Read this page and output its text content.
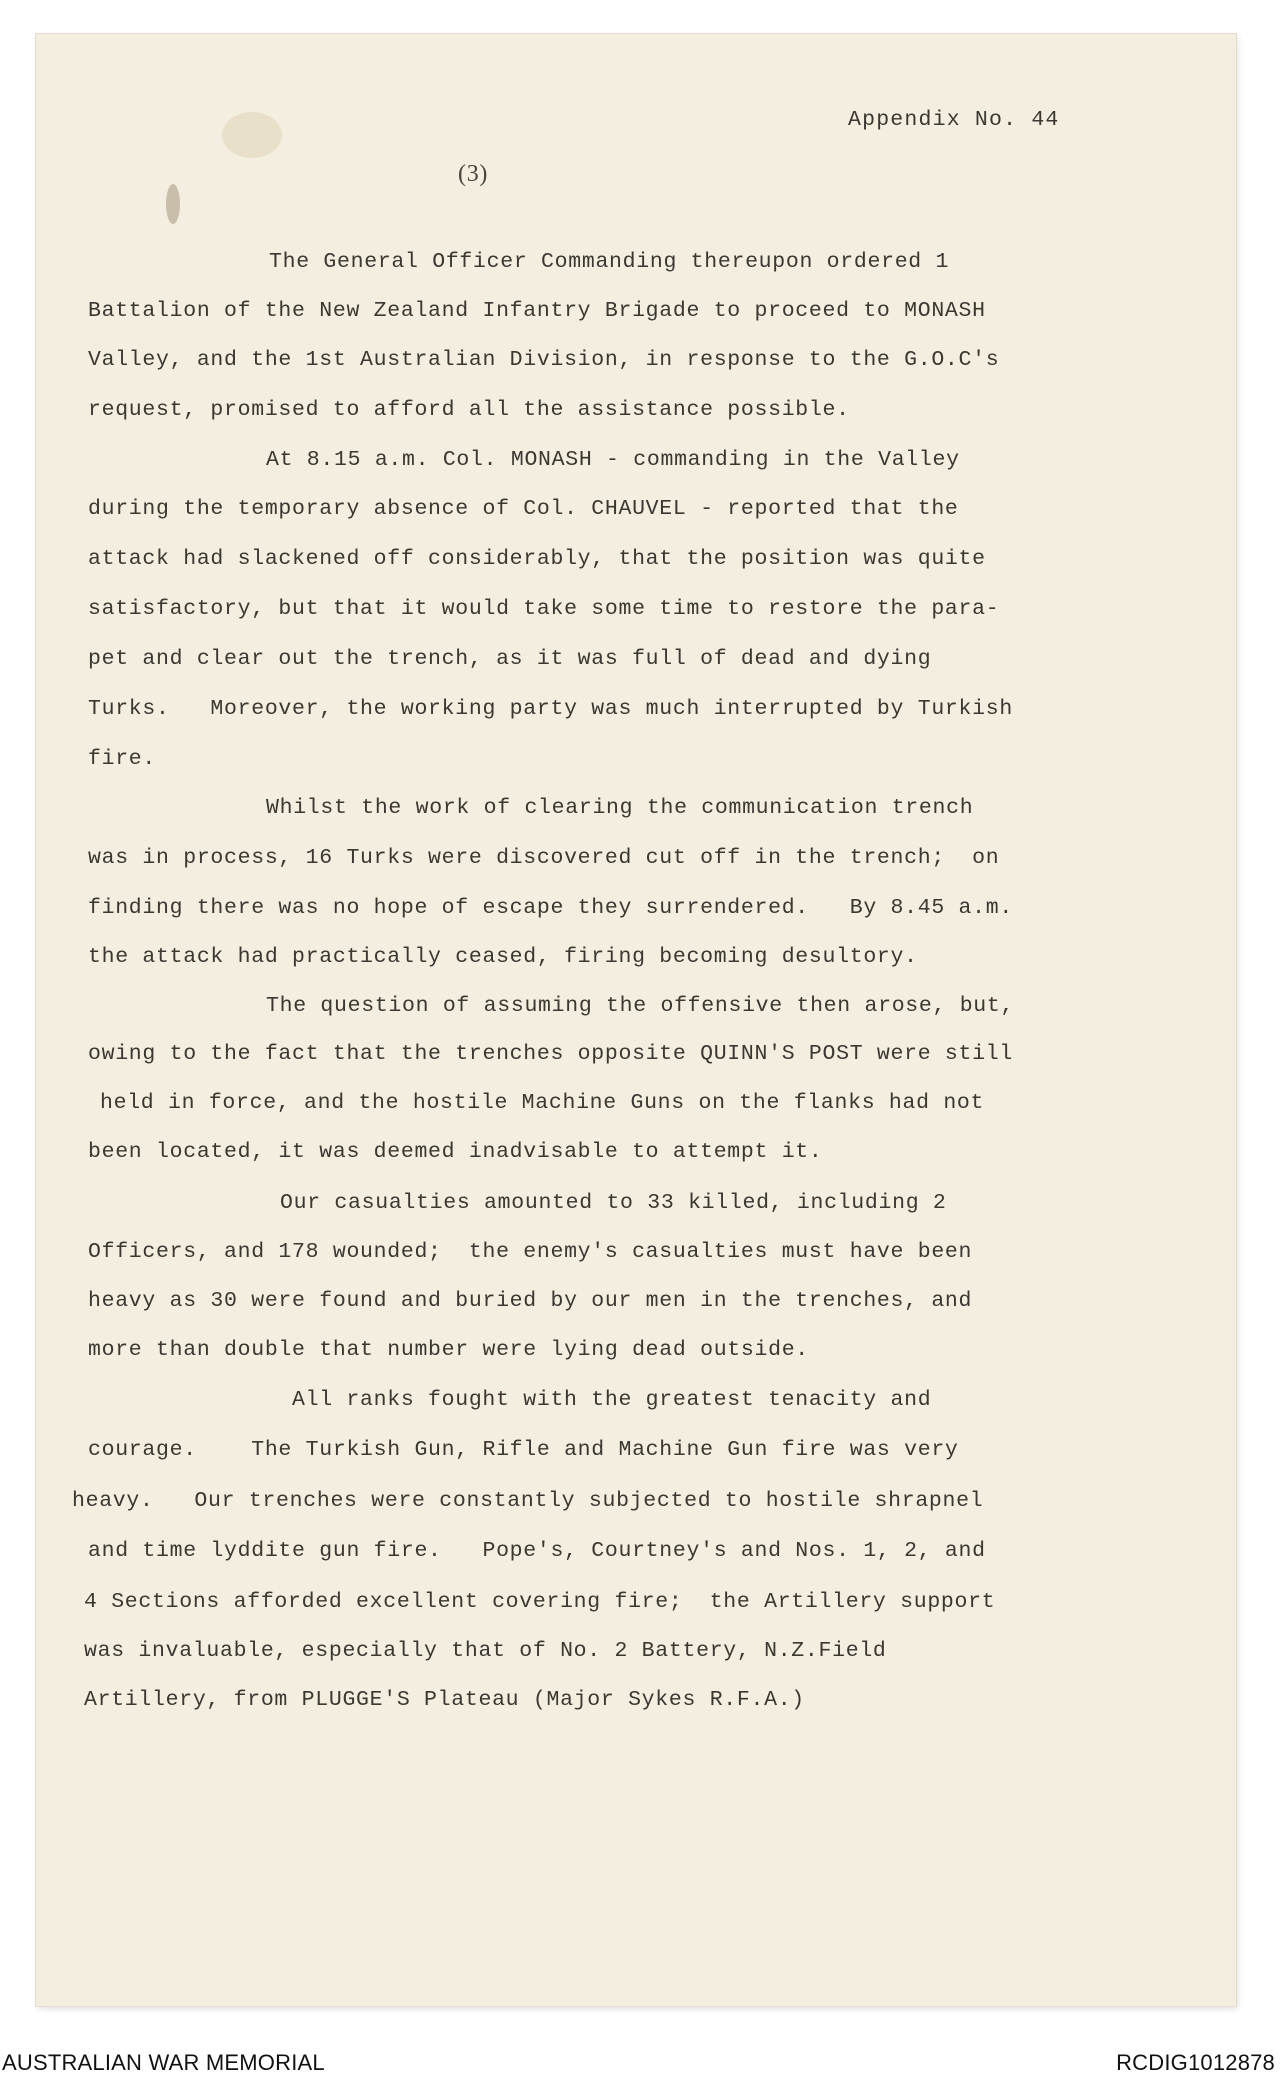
Appendix No. 44
(3)
The General Officer Commanding thereupon ordered 1
Battalion of the New Zealand Infantry Brigade to proceed to MONASH
Valley, and the 1st Australian Division, in response to the G.O.C's
request, promised to afford all the assistance possible.
At 8.15 a.m. Col. MONASH - commanding in the Valley
during the temporary absence of Col. CHAUVEL - reported that the
attack had slackened off considerably, that the position was quite
satisfactory, but that it would take some time to restore the para-
pet and clear out the trench, as it was full of dead and dying
Turks.   Moreover, the working party was much interrupted by Turkish
fire.
Whilst the work of clearing the communication trench
was in process, 16 Turks were discovered cut off in the trench;  on
finding there was no hope of escape they surrendered.   By 8.45 a.m.
the attack had practically ceased, firing becoming desultory.
The question of assuming the offensive then arose, but,
owing to the fact that the trenches opposite QUINN'S POST were still
held in force, and the hostile Machine Guns on the flanks had not
been located, it was deemed inadvisable to attempt it.
Our casualties amounted to 33 killed, including 2
Officers, and 178 wounded;  the enemy's casualties must have been
heavy as 30 were found and buried by our men in the trenches, and
more than double that number were lying dead outside.
All ranks fought with the greatest tenacity and
courage.    The Turkish Gun, Rifle and Machine Gun fire was very
heavy.   Our trenches were constantly subjected to hostile shrapnel
and time lyddite gun fire.   Pope's, Courtney's and Nos. 1, 2, and
4 Sections afforded excellent covering fire;  the Artillery support
was invaluable, especially that of No. 2 Battery, N.Z.Field
Artillery, from PLUGGE'S Plateau (Major Sykes R.F.A.)
AUSTRALIAN WAR MEMORIAL	RCDIG1012878
